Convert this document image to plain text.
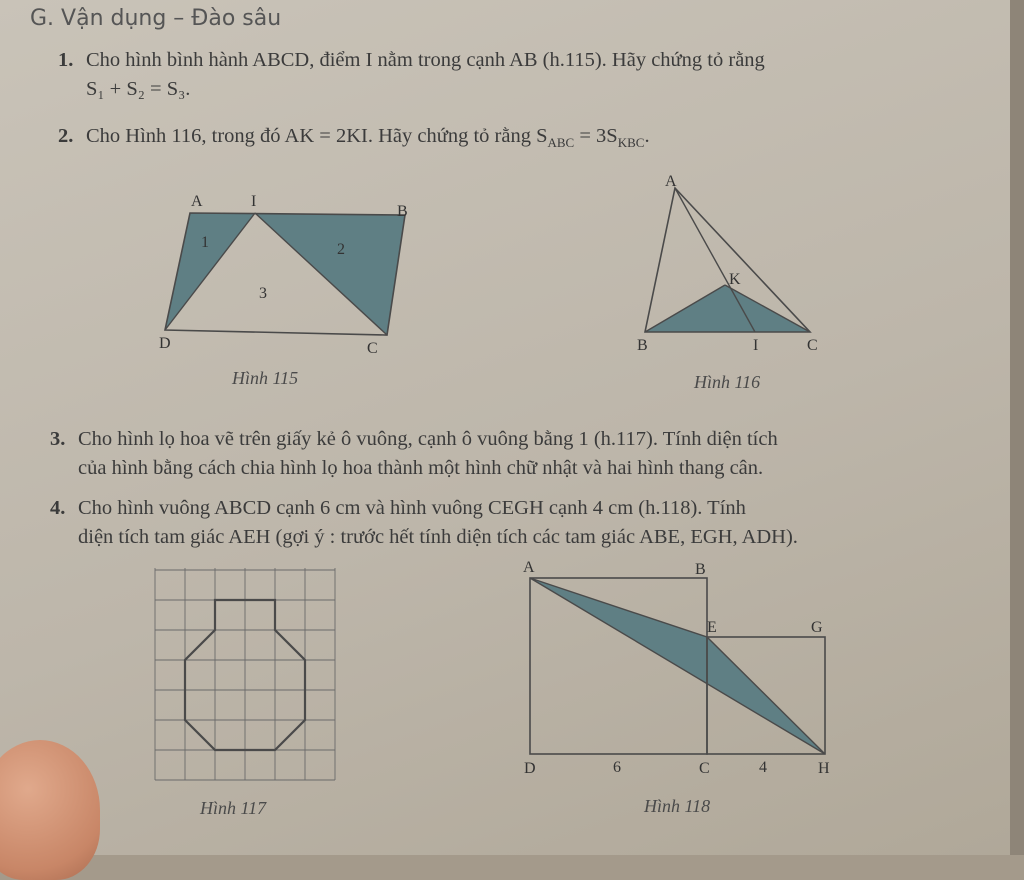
G. Vận dụng – Đào sâu
1. Cho hình bình hành ABCD, điểm I nằm trong cạnh AB (h.115). Hãy chứng tỏ rằng
S₁ + S₂ = S₃.
2. Cho Hình 116, trong đó AK = 2KI. Hãy chứng tỏ rằng $S_{ABC} = 3S_{KBC}$.
A	I
B
D	C
1	2
3
Hình 115
A
K
B	I	C
Hình 116
3. Cho hình lọ hoa vẽ trên giấy kẻ ô vuông, cạnh ô vuông bằng 1 (h.117). Tính diện tích
của hình bằng cách chia hình lọ hoa thành một hình chữ nhật và hai hình thang cân.
4. Cho hình vuông ABCD cạnh 6 cm và hình vuông CEGH cạnh 4 cm (h.118). Tính
diện tích tam giác AEH (gợi ý : trước hết tính diện tích các tam giác ABE, EGH, ADH).
Hình 117
A	B
E	G
D	C	H
6	4
Hình 118
